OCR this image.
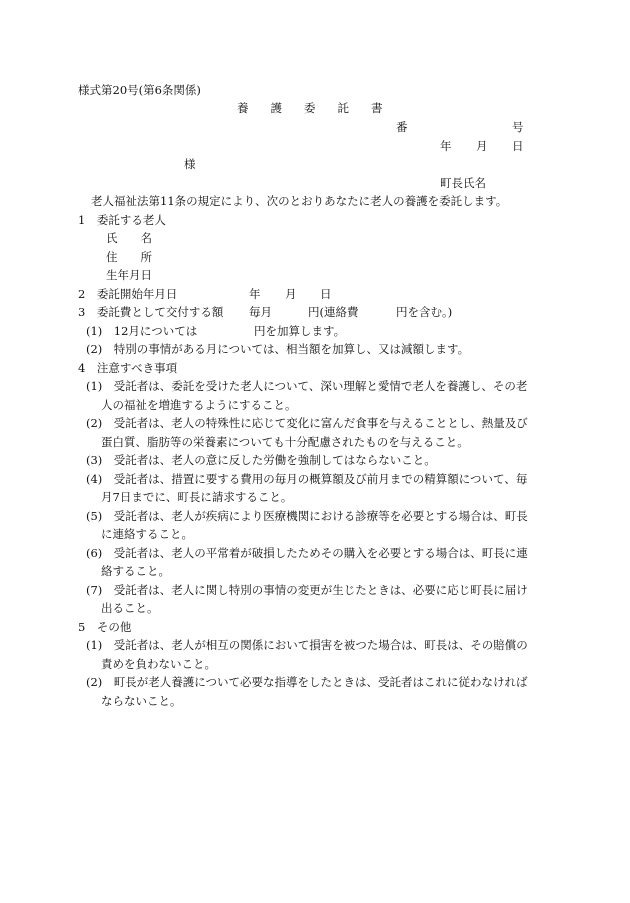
様式第20号(第6条関係)
養護委託書
番	号
年 月 日
様
町長氏名
老人福祉法第11条の規定により、次のとおりあなたに老人の養護を委託します。
1　委託する老人
氏　　名
住　　所
生年月日
2　委託開始年月日	年 月 日
3　委託費として交付する額 毎月	円(連絡費	円を含む。)
(1)　12月については	円を加算します。
(2)　特別の事情がある月については、相当額を加算し、又は減額します。
4　注意すべき事項
(1)　受託者は、委託を受けた老人について、深い理解と愛情で老人を養護し、その老
人の福祉を増進するようにすること。
(2)　受託者は、老人の特殊性に応じて変化に富んだ食事を与えることとし、熱量及び
蛋白質、脂肪等の栄養素についても十分配慮されたものを与えること。
(3)　受託者は、老人の意に反した労働を強制してはならないこと。
(4)　受託者は、措置に要する費用の毎月の概算額及び前月までの精算額について、毎
月7日までに、町長に請求すること。
(5)　受託者は、老人が疾病により医療機関における診療等を必要とする場合は、町長
に連絡すること。
(6)　受託者は、老人の平常着が破損したためその購入を必要とする場合は、町長に連
絡すること。
(7)　受託者は、老人に関し特別の事情の変更が生じたときは、必要に応じ町長に届け
出ること。
5　その他
(1)　受託者は、老人が相互の関係において損害を被つた場合は、町長は、その賠償の
責めを負わないこと。
(2)　町長が老人養護について必要な指導をしたときは、受託者はこれに従わなければ
ならないこと。
